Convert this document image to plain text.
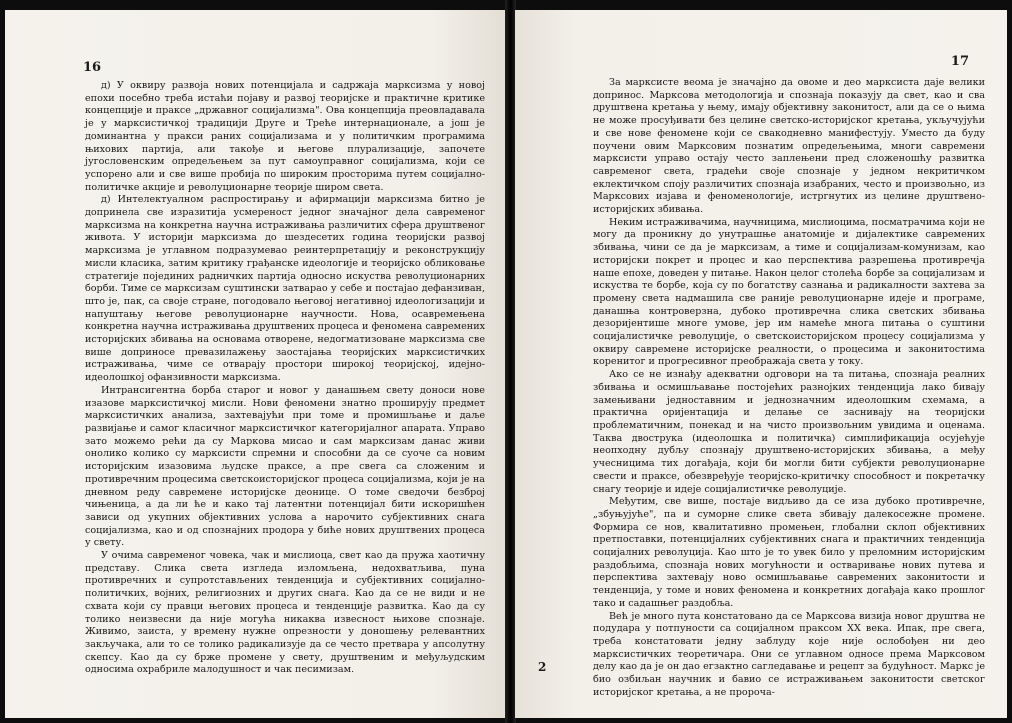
16

д) У оквиру развоја нових потенцијала и садржаја марксизма у новој епохи посебно треба истаћи појаву и развој теоријске и практичне критике концепције и праксе „државног социјализма". Ова концепција преовладавала је у марксистичкој традицији Друге и Треће интернационале, а још је доминантна у пракси раних социјализама и у политичким програмима њихових партија, али такође и његове плурализације, започете југословенским опредељењем за пут самоуправног социјализма, који се успорено али и све више пробија по широким просторима путем социјално-политичке акције и револуционарне теорије широм света.

д) Интелектуалном распростирању и афирмацији марксизма битно је допринела све изразитија усмереност једног значајног дела савременог марксизма на конкретна научна истраживања различитих сфера друштвеног живота. У историји марксизма до шездесетих година теоријски развој марксизма је углавном подразумевао реинтерпретацију и реконструкцију мисли класика, затим критику грађанске идеологије и теоријско обликовање стратегије појединих радничких партија односно искуства револуционарних борби. Тиме се марксизам суштински затварао у себе и постајао дефанзиван, што је, пак, са своје стране, погодовало његовој негативној идеологизацији и напуштању његове револуционарне научности. Нова, осавремењена конкретна научна истраживања друштвених процеса и феномена савремених историјских збивања на основама отворене, недогматизоване марксизма све више доприносе превазилажењу заостајања теоријских марксистичких истраживања, чиме се отварају простори широкој теоријској, идејно-идеолошкој офанзивности марксизма.

Интрансигентна борба старог и новог у данашњем свету доноси нове изазове марксистичкој мисли. Нови феномени знатно проширују предмет марксистичких анализа, захтевајући при томе и промишљање и даље развијање и самог класичног марксистичког категоријалног апарата. Управо зато можемо рећи да су Маркова мисао и сам марксизам данас живи онолико колико су марксисти спремни и способни да се суоче са новим историјским изазовима људске праксе, а пре свега са сложеним и противречним процесима светскоисторијског процеса социјализма, који је на дневном реду савремене историјске деонице. О томе сведочи безброј чињеница, а да ли ће и како тај латентни потенцијал бити искоришћен зависи од укупних објективних услова а нарочито субјективних снага социјализма, као и од спознајних продора у биће нових друштвених процеса у свету.

У очима савременог човека, чак и мислиоца, свет као да пружа хаотичну представу. Слика света изгледа изломљена, недохватљива, пуна противречних и супротстављених тенденција и субјективних социјално-политичких, војних, религиозних и других снага. Као да се не види и не схвата који су правци његових процеса и тенденције развитка. Као да су толико неизвесни да није могућа никаква извесност њихове спознаје. Живимо, заиста, у времену нужне опрезности у доношењу релевантних закључака, али то се толико радикализује да се често претвара у апсолутну скепсу. Као да су брже промене у свету, друштвеним и међуљудским односима охрабриле малодушност и чак песимизам.

17

За марксисте веома је значајно да овоме и део марксиста даје велики допринос. Марксова методологија и спознаја показују да свет, као и сва друштвена кретања у њему, имају објективну законитост, али да се о њима не може просуђивати без целине светско-историјског кретања, укључујући и све нове феномене који се свакодневно манифестују. Уместо да буду поучени овим Марксовим познатим опредељењима, многи савремени марксисти управо остају често заплењени пред сложеношћу развитка савременог света, градећи своје спознаје у једном некритичком еклектичком споју различитих спознаја изабраних, често и произвољно, из Марксових изјава и феноменологије, истргнутих из целине друштвено-историјских збивања.

Неким истраживачима, научницима, мислиоцима, посматрачима који не могу да проникну до унутрашње анатомије и дијалектике савремених збивања, чини се да је марксизам, а тиме и социјализам-комунизам, као историјски покрет и процес и као перспектива разрешења противречја наше епохе, доведен у питање. Након целог столећа борбе за социјализам и искуства те борбе, која су по богатству сазнања и радикалности захтева за промену света надмашила све раније револуционарне идеје и програме, данашња контроверзна, дубоко противречна слика светских збивања дезоријентише многе умове, јер им намеће многа питања о суштини социјалистичке револуције, о светскоисторијском процесу социјализма у оквиру савремене историјске реалности, о процесима и законитостима коренитог и прогресивног преображаја света у току.

Ако се не изнађу адекватни одговори на та питања, спознаја реалних збивања и осмишљавање постојећих разнојких тенденција лако бивају замењивани једноставним и једнозначним идеолошким схемама, а практична оријентација и делање се заснивају на теоријски проблематичним, понекад и на чисто произвољним увидима и оценама. Таква двострука (идеолошка и политичка) симплификација осујећује неопходну дубљу спознају друштвено-историјских збивања, а међу учесницима тих догађаја, који би могли бити субјекти револуционарне свести и праксе, обезвређује теоријско-критичку способност и покретачку снагу теорије и идеје социјалистичке револуције.

Међутим, све више, постаје видљиво да се иза дубоко противречне, „збуњујуће", па и суморне слике света збивају далекосежне промене. Формира се нов, квалитативно промењен, глобални склоп објективних претпоставки, потенцијалних субјективних снага и практичних тенденција социјалних револуција. Као што је то увек било у преломним историјским раздобљима, спознаја нових могућности и остваривање нових путева и перспектива захтевају ново осмишљавање савремених законитости и тенденција, у томе и нових феномена и конкретних догађаја како прошлог тако и садашњег раздобља.

Већ је много пута констатовано да се Марксова визија новог друштва не подудара у потпуности са социјалном праксом XX века. Ипак, пре свега, треба констатовати једну заблуду које није ослобођен ни део марксистичких теоретичара. Они се углавном односе према Марксовом делу као да је он дао егзактно сагледавање и рецепт за будућност. Маркс је био озбиљан научник и бавио се истраживањем законитости светског историјског кретања, а не пророча-

2
